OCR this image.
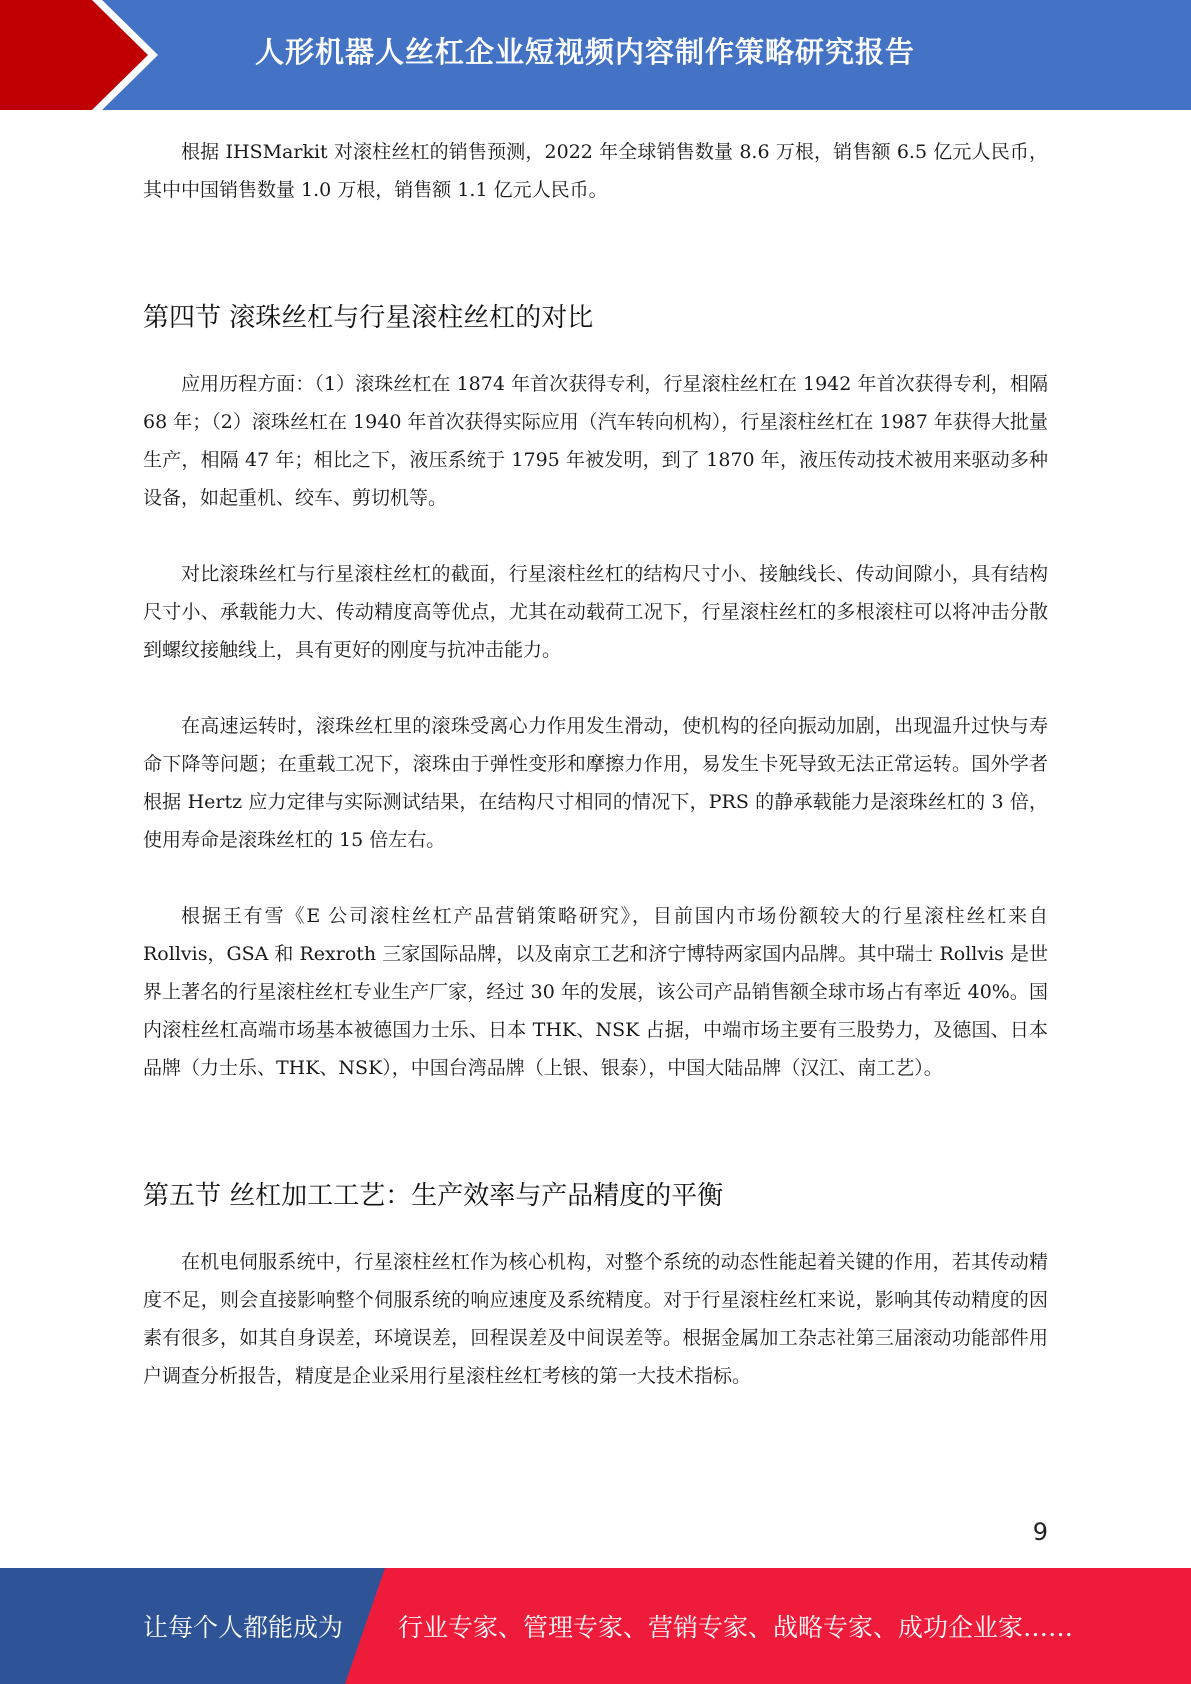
人形机器人丝杠企业短视频内容制作策略研究报告

根据 IHSMarkit 对滚柱丝杠的销售预测，2022 年全球销售数量 8.6 万根，销售额 6.5 亿元人民币，其中中国销售数量 1.0 万根，销售额 1.1 亿元人民币。

第四节 滚珠丝杠与行星滚柱丝杠的对比

应用历程方面：（1）滚珠丝杠在 1874 年首次获得专利，行星滚柱丝杠在 1942 年首次获得专利，相隔 68 年；（2）滚珠丝杠在 1940 年首次获得实际应用（汽车转向机构），行星滚柱丝杠在 1987 年获得大批量生产，相隔 47 年；相比之下，液压系统于 1795 年被发明，到了 1870 年，液压传动技术被用来驱动多种设备，如起重机、绞车、剪切机等。

对比滚珠丝杠与行星滚柱丝杠的截面，行星滚柱丝杠的结构尺寸小、接触线长、传动间隙小，具有结构尺寸小、承载能力大、传动精度高等优点，尤其在动载荷工况下，行星滚柱丝杠的多根滚柱可以将冲击分散到螺纹接触线上，具有更好的刚度与抗冲击能力。

在高速运转时，滚珠丝杠里的滚珠受离心力作用发生滑动，使机构的径向振动加剧，出现温升过快与寿命下降等问题；在重载工况下，滚珠由于弹性变形和摩擦力作用，易发生卡死导致无法正常运转。国外学者根据 Hertz 应力定律与实际测试结果，在结构尺寸相同的情况下，PRS 的静承载能力是滚珠丝杠的 3 倍，使用寿命是滚珠丝杠的 15 倍左右。

根据王有雪《E 公司滚柱丝杠产品营销策略研究》，目前国内市场份额较大的行星滚柱丝杠来自 Rollvis，GSA 和 Rexroth 三家国际品牌，以及南京工艺和济宁博特两家国内品牌。其中瑞士 Rollvis 是世界上著名的行星滚柱丝杠专业生产厂家，经过 30 年的发展，该公司产品销售额全球市场占有率近 40%。国内滚柱丝杠高端市场基本被德国力士乐、日本 THK、NSK 占据，中端市场主要有三股势力，及德国、日本品牌（力士乐、THK、NSK），中国台湾品牌（上银、银泰），中国大陆品牌（汉江、南工艺）。

第五节 丝杠加工工艺：生产效率与产品精度的平衡

在机电伺服系统中，行星滚柱丝杠作为核心机构，对整个系统的动态性能起着关键的作用，若其传动精度不足，则会直接影响整个伺服系统的响应速度及系统精度。对于行星滚柱丝杠来说，影响其传动精度的因素有很多，如其自身误差，环境误差，回程误差及中间误差等。根据金属加工杂志社第三届滚动功能部件用户调查分析报告，精度是企业采用行星滚柱丝杠考核的第一大技术指标。

9
让每个人都能成为 行业专家、管理专家、营销专家、战略专家、成功企业家……
